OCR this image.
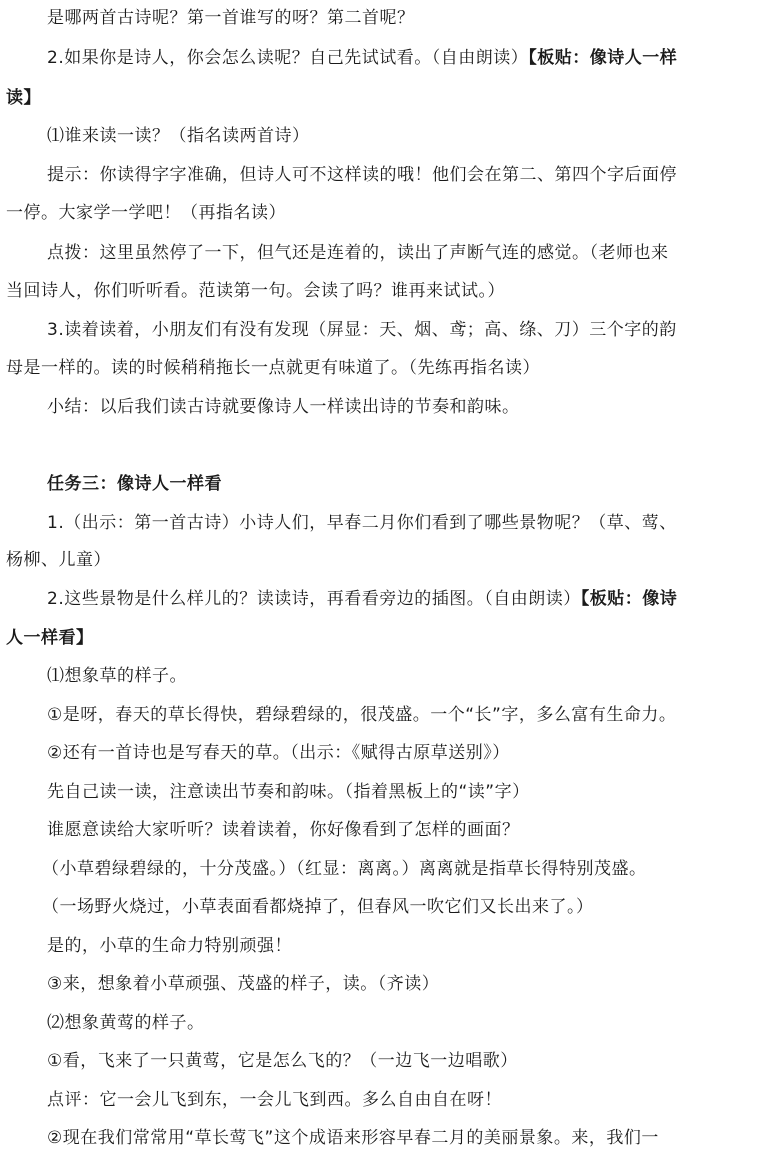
是哪两首古诗呢？第一首谁写的呀？第二首呢？
2.如果你是诗人，你会怎么读呢？自己先试试看。（自由朗读）【板贴：像诗人一样
读】
⑴谁来读一读？（指名读两首诗）
提示：你读得字字准确，但诗人可不这样读的哦！他们会在第二、第四个字后面停
一停。大家学一学吧！（再指名读）
点拨：这里虽然停了一下，但气还是连着的，读出了声断气连的感觉。（老师也来
当回诗人，你们听听看。范读第一句。会读了吗？谁再来试试。）
3.读着读着，小朋友们有没有发现（屏显：天、烟、鸢；高、绦、刀）三个字的韵
母是一样的。读的时候稍稍拖长一点就更有味道了。（先练再指名读）
小结：以后我们读古诗就要像诗人一样读出诗的节奏和韵味。
任务三：像诗人一样看
1.（出示：第一首古诗）小诗人们，早春二月你们看到了哪些景物呢？（草、莺、
杨柳、儿童）
2.这些景物是什么样儿的？读读诗，再看看旁边的插图。（自由朗读）【板贴：像诗
人一样看】
⑴想象草的样子。
①是呀，春天的草长得快，碧绿碧绿的，很茂盛。一个“长”字，多么富有生命力。
②还有一首诗也是写春天的草。（出示：《赋得古原草送别》）
先自己读一读，注意读出节奏和韵味。（指着黑板上的“读”字）
谁愿意读给大家听听？读着读着，你好像看到了怎样的画面？
（小草碧绿碧绿的，十分茂盛。）（红显：离离。）离离就是指草长得特别茂盛。
（一场野火烧过，小草表面看都烧掉了，但春风一吹它们又长出来了。）
是的，小草的生命力特别顽强！
③来，想象着小草顽强、茂盛的样子，读。（齐读）
⑵想象黄莺的样子。
①看，飞来了一只黄莺，它是怎么飞的？（一边飞一边唱歌）
点评：它一会儿飞到东，一会儿飞到西。多么自由自在呀！
②现在我们常常用“草长莺飞”这个成语来形容早春二月的美丽景象。来，我们一
